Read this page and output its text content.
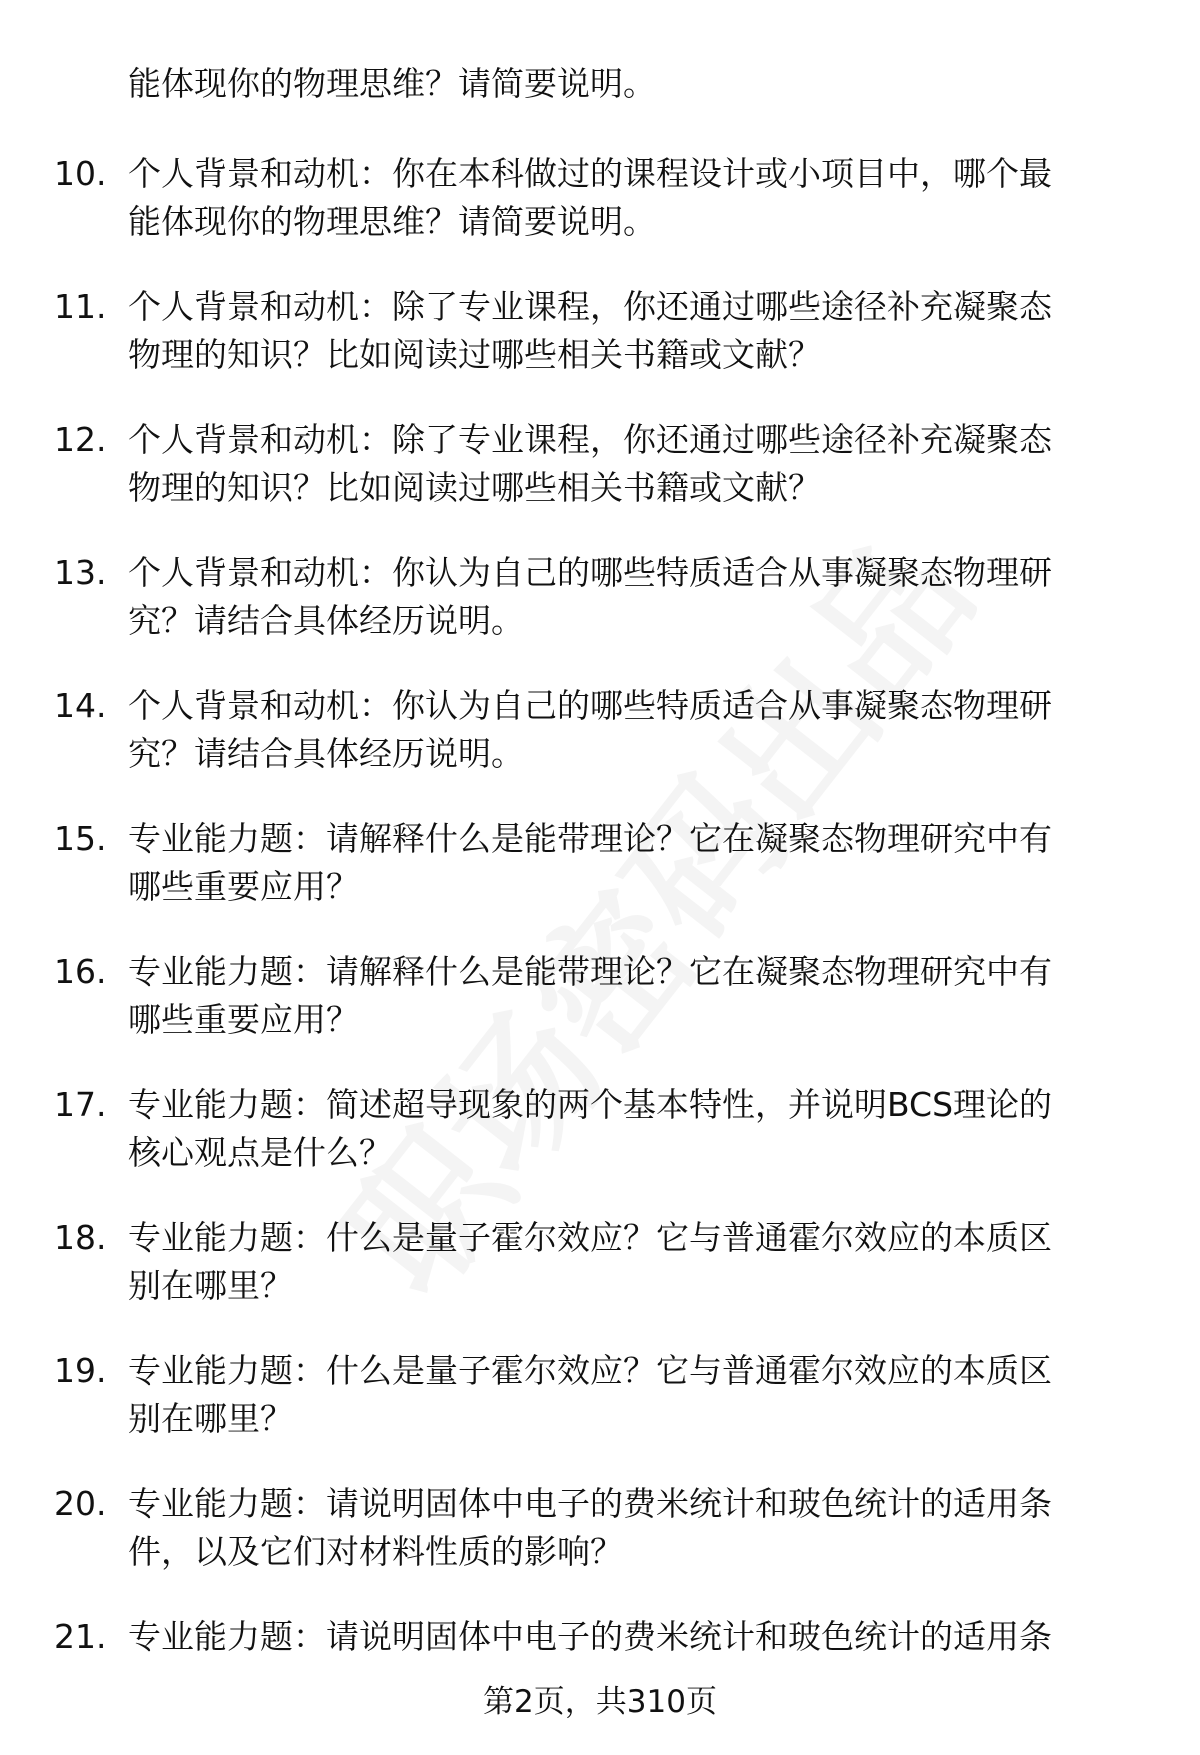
能体现你的物理思维？请简要说明。
10. 个人背景和动机：你在本科做过的课程设计或小项目中，哪个最
能体现你的物理思维？请简要说明。
11. 个人背景和动机：除了专业课程，你还通过哪些途径补充凝聚态
物理的知识？比如阅读过哪些相关书籍或文献？
12. 个人背景和动机：除了专业课程，你还通过哪些途径补充凝聚态
物理的知识？比如阅读过哪些相关书籍或文献？
13. 个人背景和动机：你认为自己的哪些特质适合从事凝聚态物理研
究？请结合具体经历说明。
14. 个人背景和动机：你认为自己的哪些特质适合从事凝聚态物理研
究？请结合具体经历说明。
15. 专业能力题：请解释什么是能带理论？它在凝聚态物理研究中有
哪些重要应用？
16. 专业能力题：请解释什么是能带理论？它在凝聚态物理研究中有
哪些重要应用？
17. 专业能力题：简述超导现象的两个基本特性，并说明BCS理论的
核心观点是什么？
18. 专业能力题：什么是量子霍尔效应？它与普通霍尔效应的本质区
别在哪里？
19. 专业能力题：什么是量子霍尔效应？它与普通霍尔效应的本质区
别在哪里？
20. 专业能力题：请说明固体中电子的费米统计和玻色统计的适用条
件，以及它们对材料性质的影响？
21. 专业能力题：请说明固体中电子的费米统计和玻色统计的适用条
第2页，共310页
